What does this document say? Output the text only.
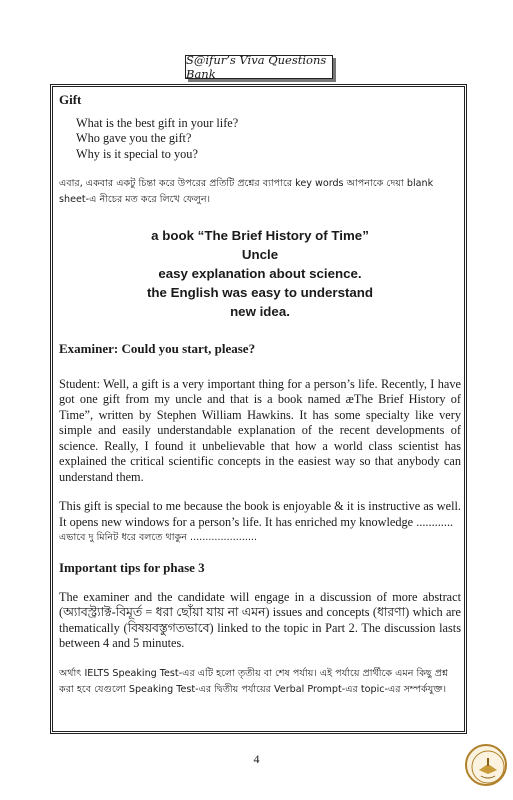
S@ifur’s Viva Questions Bank

Gift

What is the best gift in your life?
Who gave you the gift?
Why is it special to you?

এবার, একবার একটু চিন্তা করে উপরের প্রতিটি প্রশ্নের ব্যাপারে key words আপনাকে দেয়া blank sheet-এ নীচের মত করে লিখে ফেলুন।

a book “The Brief History of Time”
Uncle
easy explanation about science.
the English was easy to understand
new idea.

Examiner: Could you start, please?

Student: Well, a gift is a very important thing for a person’s life. Recently, I have got one gift from my uncle and that is a book named æThe Brief History of Time”, written by Stephen William Hawkins. It has some specialty like very simple and easily understandable explanation of the recent developments of science. Really, I found it unbelievable that how a world class scientist has explained the critical scientific concepts in the easiest way so that anybody can understand them.

This gift is special to me because the book is enjoyable & it is instructive as well. It opens new windows for a person’s life. It has enriched my knowledge ............

এভাবে দু মিনিট ধরে বলতে থাকুন ......................

Important tips for phase 3

The examiner and the candidate will engage in a discussion of more abstract (অ্যাবস্ট্র্যাক্ট-বিমূর্ত = ধরা ছোঁয়া যায় না এমন) issues and concepts (ধারণা) which are thematically (বিষয়বস্তুগতভাবে) linked to the topic in Part 2. The discussion lasts between 4 and 5 minutes.

অর্থাৎ IELTS Speaking Test-এর এটি হলো তৃতীয় বা শেষ পর্যায়। এই পর্যায়ে প্রার্থীকে এমন কিছু প্রশ্ন করা হবে যেগুলো Speaking Test-এর দ্বিতীয় পর্যায়ের Verbal Prompt-এর topic-এর সম্পর্কযুক্ত।

4
